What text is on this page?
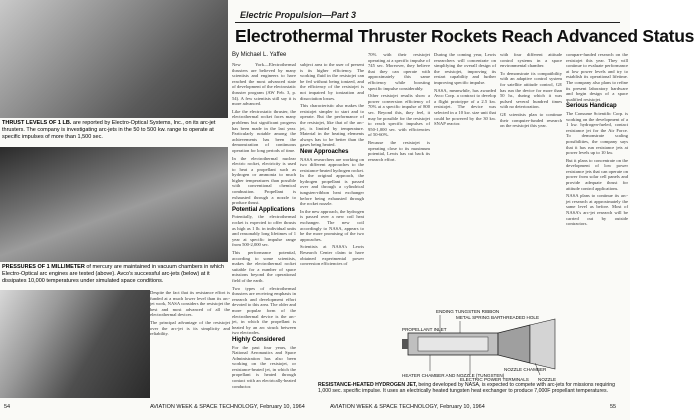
THRUST LEVELS OF 1 LB. are reported by Electro-Optical Systems, Inc., on its arc-jet thrusters. The company is investigating arc-jets in the 50 to 500 kw. range to operate at specific impulses of more than 1,500 sec.
PRESSURES OF 1 MILLIMETER of mercury are maintained in vacuum chambers in which Electro-Optical arc engines are tested (above). Avco's successful arc-jets (below) at it dissipates 10,000 temperatures under simulated space conditions.
Electric Propulsion—Part 3
Electrothermal Thruster Rockets Reach Advanced Status
By Michael L. Yaffee

New York—Electrothermal thrusters are believed by many scientists and engineers to have reached the most advanced state of development of the electrostatic thruster program (AW Feb. 3, p. 54). A few scientists still say it is more advanced.

Like the electrostatic thruster, the electrothermal rocket faces many problems but significant progress has been made in the last year. Particularly notable among the achievements has been the demonstration of continuous operation for long periods of time.

In the electrothermal nuclear electric rocket, electricity is used to heat a propellant such as hydrogen or ammonia to much higher temperatures than possible with conventional chemical combustion. Propellant is exhausted through a nozzle to produce thrust.

Potential Applications

Potentially, the electrothermal rocket is expected to offer thrusts as high as 1 lb. in individual units and reasonably long lifetimes of 1 year at specific impulse range from 500-2,000 sec.

This performance potential, according to some scientists, makes the electrothermal rocket suitable for a number of space missions beyond the operational field of the earth.

Two types of electrothermal thrusters are receiving emphasis in research and development effort devoted to this area. The older and more popular form of the electrothermal device is the arc-jet, in which the propellant is heated by an arc struck between two electrodes.

Highly Considered

For the past four years, the National Aeronautics and Space Administration has also been working on the resistojet, or resistance-heated jet, in which the propellant is heated through contact with an electrically-heated conductor.

subject area to the user of present is its higher efficiency. The working fluid in the resistojet can be fed without being ionized, and the efficiency of the resistojet is not impaired by ionization and dissociation losses.

This characteristic also makes the resistojet simpler to start and to operate. But the performance of the resistojet, like that of the arc-jet, is limited by temperature. Material in the heating elements always has to be better than the gases being heated.

New Approaches

NASA researchers are working on two different approaches to the resistance-heated hydrogen rocket. In the original approach, the hydrogen propellant is passed over and through a cylindrical tungsten-ribbon heat exchanger before being exhausted through the rocket nozzle.

In the new approach, the hydrogen is passed over a new coil heat exchanger. The new coil accordingly to NASA, appears to be the more promising of the two approaches.

Scientists at NASA's Lewis Research Center claim to have obtained experimental power conversion efficiencies of

70% with their resistojet operating at a specific impulse of 745 sec. Moreover, they believe that they can operate with approximately this same efficiency while boosting specific impulse considerably.

Other resistojet results show a power conversion efficiency of 70% at a specific impulse of 800 sec. Beyond this, they feel, it may be possible for the resistojet to reach specific impulses of 950-1,000 sec. with efficiencies of 50-60%.

Because the resistojet is operating close to its maximum potential, Lewis has cut back its research effort.

During the coming year, Lewis researchers will concentrate on simplifying the overall design of the resistojet, improving its restart capability and further improving specific impulse.

NASA, meanwhile, has awarded Avco Corp. a contract to develop a flight prototype of a 2.5 kw. resistojet. The device was selected in a 10 kw. size unit that could be powered by the 30 kw. SNAP reactor.

with four different attitude control systems in a space environmental chamber.

To demonstrate its compatibility with an adaptive control system for satellite attitude control, GE has run the device for more than 50 hr., during which it was pulsed several hundred times with no deterioration.

GE scientists plan to continue their computer-funded research on the resistojet this year.

compare-funded research on the resistojet this year. They will continue to evaluate performance at low power levels and try to establish its operational lifetime. The company also plans to refine its present laboratory hardware and begin design of a space qualified resistojet.

Serious Handicap

The Consume Scientific Corp. is working on the development of a 1 kw. hydrogen-fueled, contact resistance jet for the Air Force. To demonstrate scaling possibilities, the company says that it has run resistance jets at power levels up to 10 kw.

But it plans to concentrate on the development of low power resistance jets that can operate on power from solar cell panels and provide adequate thrust for attitude control applications.

NASA plans to continue its arc-jet research at approximately the same level as before. Most of NASA's arc-jet research will be carried out by outside contractors.

Despite the fact that its resistance effort is funded at a much lower level than its arc-jet work, NASA considers the resistojet the best and most advanced of all the electrothermal devices.

The principal advantage of the resistojet over the arc-jet is its simplicity and reliability.

ENDING TUNGSTEN RIBBON
METAL SPRING BAR THREADED HOLE
HEATER CHAMBER AND NOZZLE (TUNGSTEN)
ELECTRIC POWER TERMINALS
PROPELLANT INLET
NOZZLE
NOZZLE CHAMBER
RESISTANCE-HEATED HYDROGEN JET, being developed by NASA, is expected to compete with arc-jets for missions requiring 1,000 sec. specific impulse. It uses an electrically heated tungsten heat exchanger to produce 7,000F propellant temperatures.
54	AVIATION WEEK & SPACE TECHNOLOGY, February 10, 1964	AVIATION WEEK & SPACE TECHNOLOGY, February 10, 1964	55
